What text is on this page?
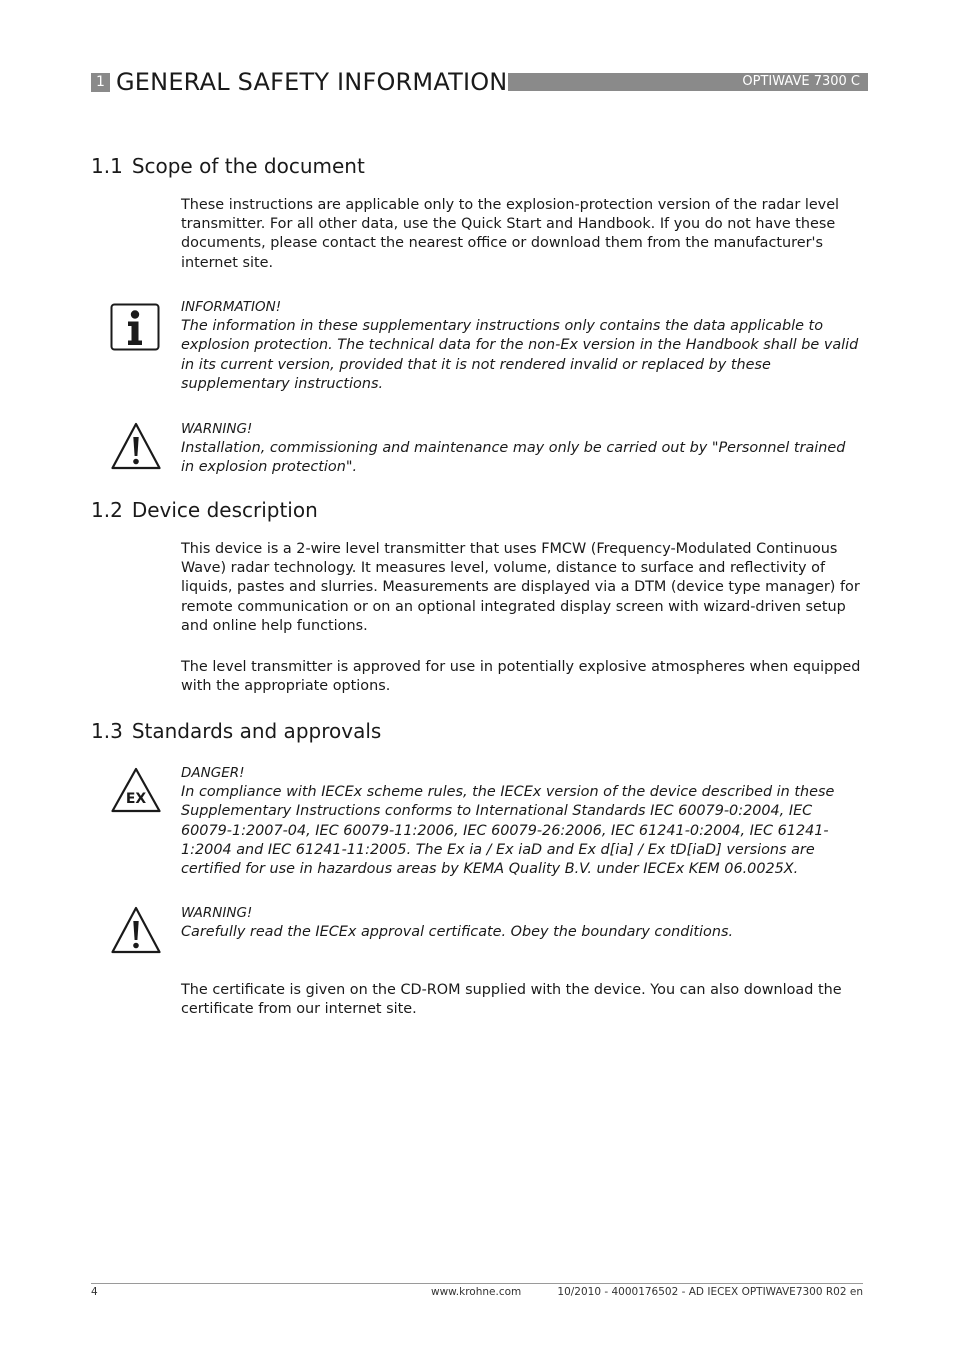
1 GENERAL SAFETY INFORMATION	OPTIWAVE 7300 C
1.1 Scope of the document

These instructions are applicable only to the explosion-protection version of the radar level transmitter. For all other data, use the Quick Start and Handbook. If you do not have these documents, please contact the nearest office or download them from the manufacturer's internet site.

INFORMATION!
The information in these supplementary instructions only contains the data applicable to explosion protection. The technical data for the non-Ex version in the Handbook shall be valid in its current version, provided that it is not rendered invalid or replaced by these supplementary instructions.
WARNING!
Installation, commissioning and maintenance may only be carried out by "Personnel trained in explosion protection".
1.2 Device description

This device is a 2-wire level transmitter that uses FMCW (Frequency-Modulated Continuous Wave) radar technology. It measures level, volume, distance to surface and reflectivity of liquids, pastes and slurries. Measurements are displayed via a DTM (device type manager) for remote communication or on an optional integrated display screen with wizard-driven setup and online help functions.

The level transmitter is approved for use in potentially explosive atmospheres when equipped with the appropriate options.

1.3 Standards and approvals
EX
DANGER!
In compliance with IECEx scheme rules, the IECEx version of the device described in these Supplementary Instructions conforms to International Standards IEC 60079-0:2004, IEC 60079-1:2007-04, IEC 60079-11:2006, IEC 60079-26:2006, IEC 61241-0:2004, IEC 61241-1:2004 and IEC 61241-11:2005. The Ex ia / Ex iaD and Ex d[ia] / Ex tD[iaD] versions are certified for use in hazardous areas by KEMA Quality B.V. under IECEx KEM 06.0025X.
WARNING!
Carefully read the IECEx approval certificate. Obey the boundary conditions.

The certificate is given on the CD-ROM supplied with the device. You can also download the certificate from our internet site.

4	www.krohne.com	10/2010 - 4000176502 - AD IECEX OPTIWAVE7300 R02 en
